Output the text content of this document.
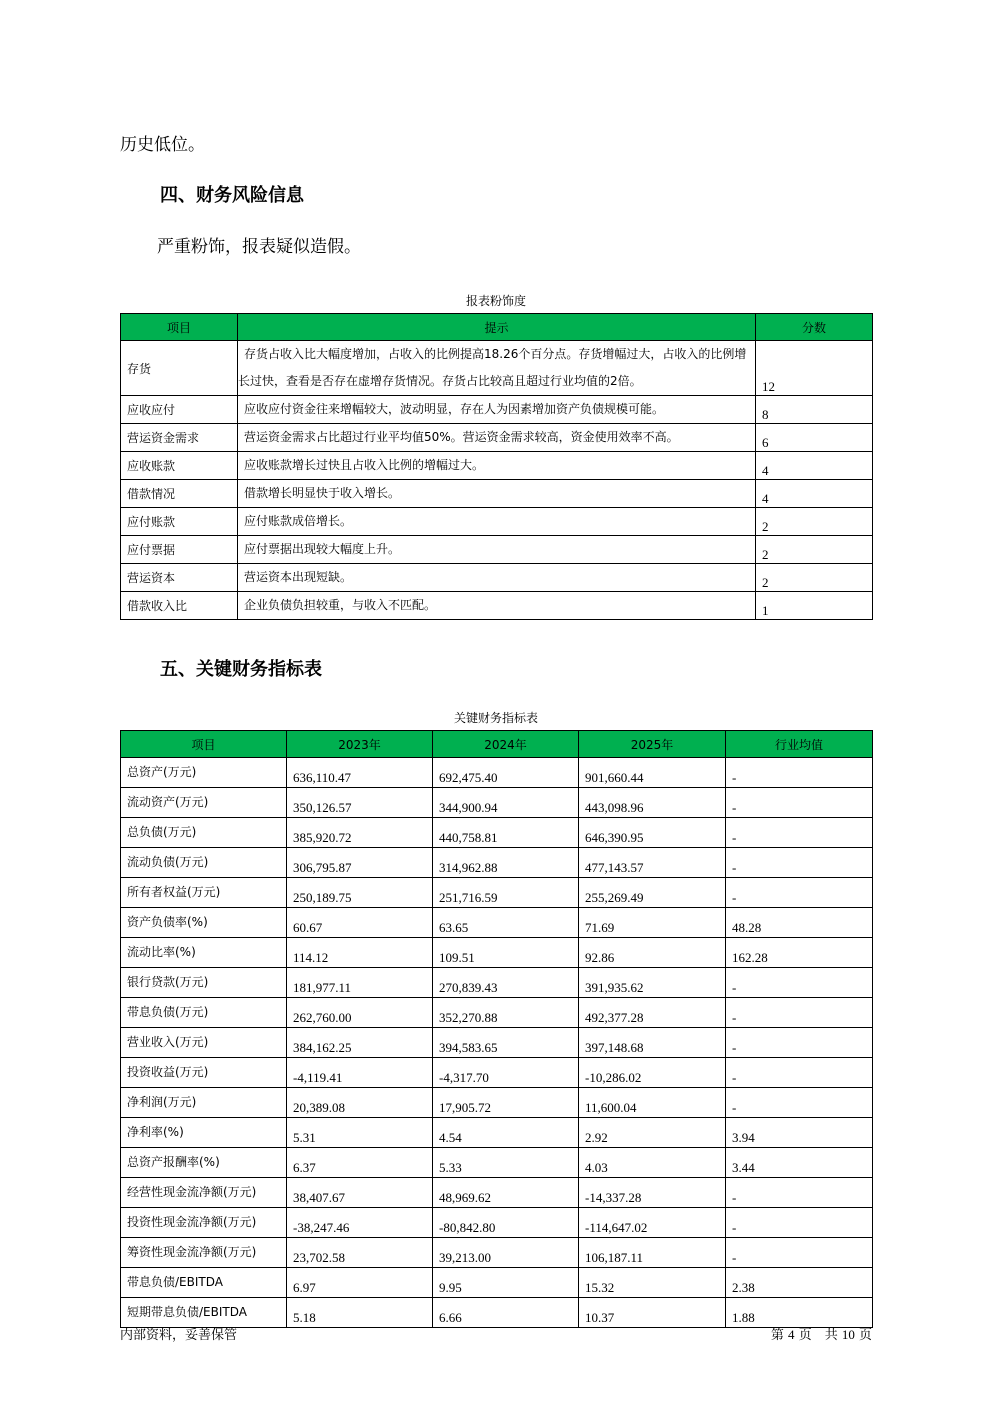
历史低位。
四、财务风险信息
严重粉饰，报表疑似造假。
报表粉饰度
项目	提示	分数
存货	存货占收入比大幅度增加，占收入的比例提高18.26个百分点。存货增幅过大，占收入的比例增长过快，查看是否存在虚增存货情况。存货占比较高且超过行业均值的2倍。	12
应收应付	应收应付资金往来增幅较大，波动明显，存在人为因素增加资产负债规模可能。	8
营运资金需求	营运资金需求占比超过行业平均值50%。营运资金需求较高，资金使用效率不高。	6
应收账款	应收账款增长过快且占收入比例的增幅过大。	4
借款情况	借款增长明显快于收入增长。	4
应付账款	应付账款成倍增长。	2
应付票据	应付票据出现较大幅度上升。	2
营运资本	营运资本出现短缺。	2
借款收入比	企业负债负担较重，与收入不匹配。	1
五、关键财务指标表
关键财务指标表
项目	2023年	2024年	2025年	行业均值
总资产(万元)	636,110.47	692,475.40	901,660.44	-
流动资产(万元)	350,126.57	344,900.94	443,098.96	-
总负债(万元)	385,920.72	440,758.81	646,390.95	-
流动负债(万元)	306,795.87	314,962.88	477,143.57	-
所有者权益(万元)	250,189.75	251,716.59	255,269.49	-
资产负债率(%)	60.67	63.65	71.69	48.28
流动比率(%)	114.12	109.51	92.86	162.28
银行贷款(万元)	181,977.11	270,839.43	391,935.62	-
带息负债(万元)	262,760.00	352,270.88	492,377.28	-
营业收入(万元)	384,162.25	394,583.65	397,148.68	-
投资收益(万元)	-4,119.41	-4,317.70	-10,286.02	-
净利润(万元)	20,389.08	17,905.72	11,600.04	-
净利率(%)	5.31	4.54	2.92	3.94
总资产报酬率(%)	6.37	5.33	4.03	3.44
经营性现金流净额(万元)	38,407.67	48,969.62	-14,337.28	-
投资性现金流净额(万元)	-38,247.46	-80,842.80	-114,647.02	-
筹资性现金流净额(万元)	23,702.58	39,213.00	106,187.11	-
带息负债/EBITDA	6.97	9.95	15.32	2.38
短期带息负债/EBITDA	5.18	6.66	10.37	1.88
内部资料，妥善保管	第 4 页　共 10 页
